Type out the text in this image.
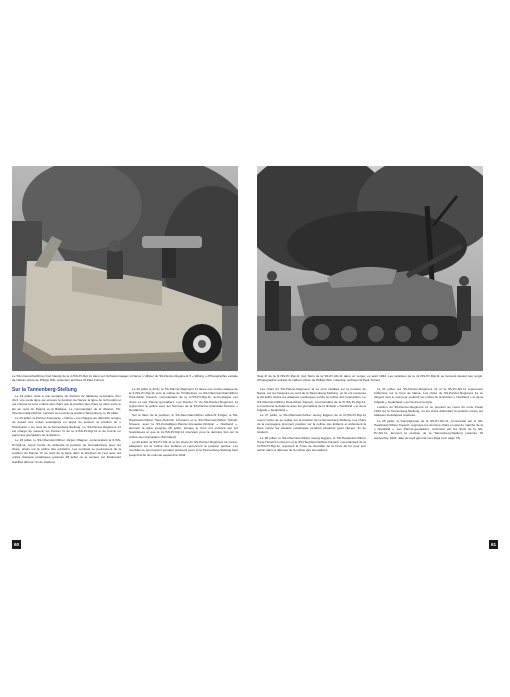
Le SS-Unterscharführer Kurt Naurig de la 4./SS-Pz.Rgt.11 dans son Schwimmwagen à Narva. L'officier du SS-Panzer-Regiment 5 « Wiking » (Photographie extraite de l'album photo de Philipp Witt, collection archives W.Paul-Turner)
Sur la Tannenberg-Stellung

Le 19 juillet, suite à une tentative de division de faiblesse occupante d'un chef, une seule ligne qui entoure la position de Narva, la ligne de la Kreskini et qui entoure la zone entière des chars que la position des chars se situe entre le lac au nord du Peipus et la Baltique. Le commandant de la division, SS-Obersturmbannführer, parvient au nord de la position Tannenberg, le 26 juillet.

Le 20 juillet, la Panzer-Kompanie « Narva » est chargée de défendre la ligne de départ des unités soviétiques en appui du secteur, la position du « Stützpunkt » au nord de la Tannenberg-Stellung. Le SS-Panzer-Regiment 11 est chargé de soutenir les Panzer IV de la 4./SS-Pz.Rgt.11 et de fournir un appui aux grenadiers de la division.

Le 26 juillet, le SS-Obersturmführer Jürgen Wagner, commandant la 6./SS-Pz.Rgt.11, reçoit l'ordre de défendre la position de Grenaderberg avec les chars, situés sur la colline des orphelins. Les combats se poursuivent de la position du Panzer IV au nord de la ligne dans la direction de l'est avec les unités d'assaut soviétiques jusqu'au 28 juillet où le secteur est finalement stabilisé (Erreur: fin de citation).

Le 26 juillet (L.4/11), le SS-Panzer-Regiment 11 lance une contre-attaque de la 6./SS-Pz.Rgt.11 vers la colline de l'Orphelinat. Le SS-Obersturmbannführer Paul-Albert Kausch, commandant de la 4./SS-Pz.Rgt.11, accompagne ses chars et ses Panzer-grenadiers. Les Panzer IV du SS-Panzer-Regiment 11 reprennent la colline avec les hommes de la SS-Panzer-Grenadier-Division « Nordland ».

Sur le flanc de la position, le SS-Sturmbannführer Albrecht Krügel, le SS-Hauptsturmführer Hans-Heinrich Lohmann et le SS-Obersturmführer Schulz-Streeck, avec la SS-Freiwilligen-Panzer-Grenadier-Division « Nordland », tiennent la ligne jusqu'au 28 juillet, lorsque le front est enfoncé par les Soviétiques et que la 11./SS-Pz.Rgt.11 intervient pour la dernière fois sur la colline des Grenadiers (Sinimäed).

Le 29 juillet, la SS-Pz.Abt.11 et les chars du SS-Panzer-Regiment 11 contre-attaquent sur la colline des Enfants et reprennent la position perdue. Les combats se poursuivent pendant plusieurs jours et la Tannenberg-Stellung tient jusqu'à la fin du mois de septembre 1944.

Stug III de la III./SS-Pz.Rgt.11 (ou) StuG de la SS-Pz.Abt.11 dans un verger, en août 1944. Les tankistes de la 11./SS-Pz.Rgt.11 se tiennent devant leur engin. (Photographie extraite de l'album photo de Philipp Witt, collection archives W.Paul-Turner)

Les chars du SS-Panzer-Regiment 11 se sont installés sur la position de Narva, sur les hauteurs au nord de la Tannenberg-Stellung, où ils ont repoussé le 26 juillet toutes les attaques soviétiques contre la colline des Grenadiers. Le SS-Obersturmführer Paul-Albert Kausch, commandant de la III./SS-Pz.Rgt.11, a coordonné la défense avec les grenadiers de la division « Nordland » et de la brigade « Nederland ».

Le 27 juillet, le SS-Obersturmführer Georg Eggers de la III./SS-Pz.Rgt.11 reçoit l'ordre de se replier sur la position de la Tannenberg-Stellung. Les chars de la compagnie prennent position sur la colline des Enfants et défendent la ligne contre les assauts soviétiques pendant plusieurs jours (Erreur: fin de citation).

Le 28 juillet, le SS-Obersturmführer Georg Eggers, le SS-Hauptsturmführer Hans-Heinrich Lohmann et le SS-Hauptsturmführer Kausch, commandant de la III./SS-Pz.Rgt.11, reçoivent la Croix de chevalier de la Croix de fer pour leur action dans la défense de la colline des Grenadiers.

Le 31 juillet, les SS-Panzer-Regiment 11 et la SS-Pz.Abt.11 reprennent l'offensive sur le front de Narva. Les chars du SS-Panzer-Regiment 11 se dirigent vers le sud pour soutenir les unités de la division « Nordland » et de la brigade « Nederland » qui tiennent la ligne.

L'action du SS-Panzer-Regiment 11 se poursuit au cours du mois d'août 1944 sur la Tannenberg-Stellung, où les chars défendent la position contre les attaques soviétiques répétées.

Le 28 juillet, le Kampfgruppe de la SS-Pz.Abt.11, commandé par le SS-Hauptsturmführer Kausch, regroupe les derniers chars en état de marche de la « Nordland ». Les Panzer-grenadiers, renforcés par les StuG de la SS-Pz.Abt.11, tiennent la position de la Tannenberg-Stellung jusqu'au 15 septembre 1944, date du repli général vers Riga (voir page 73).

60	61
